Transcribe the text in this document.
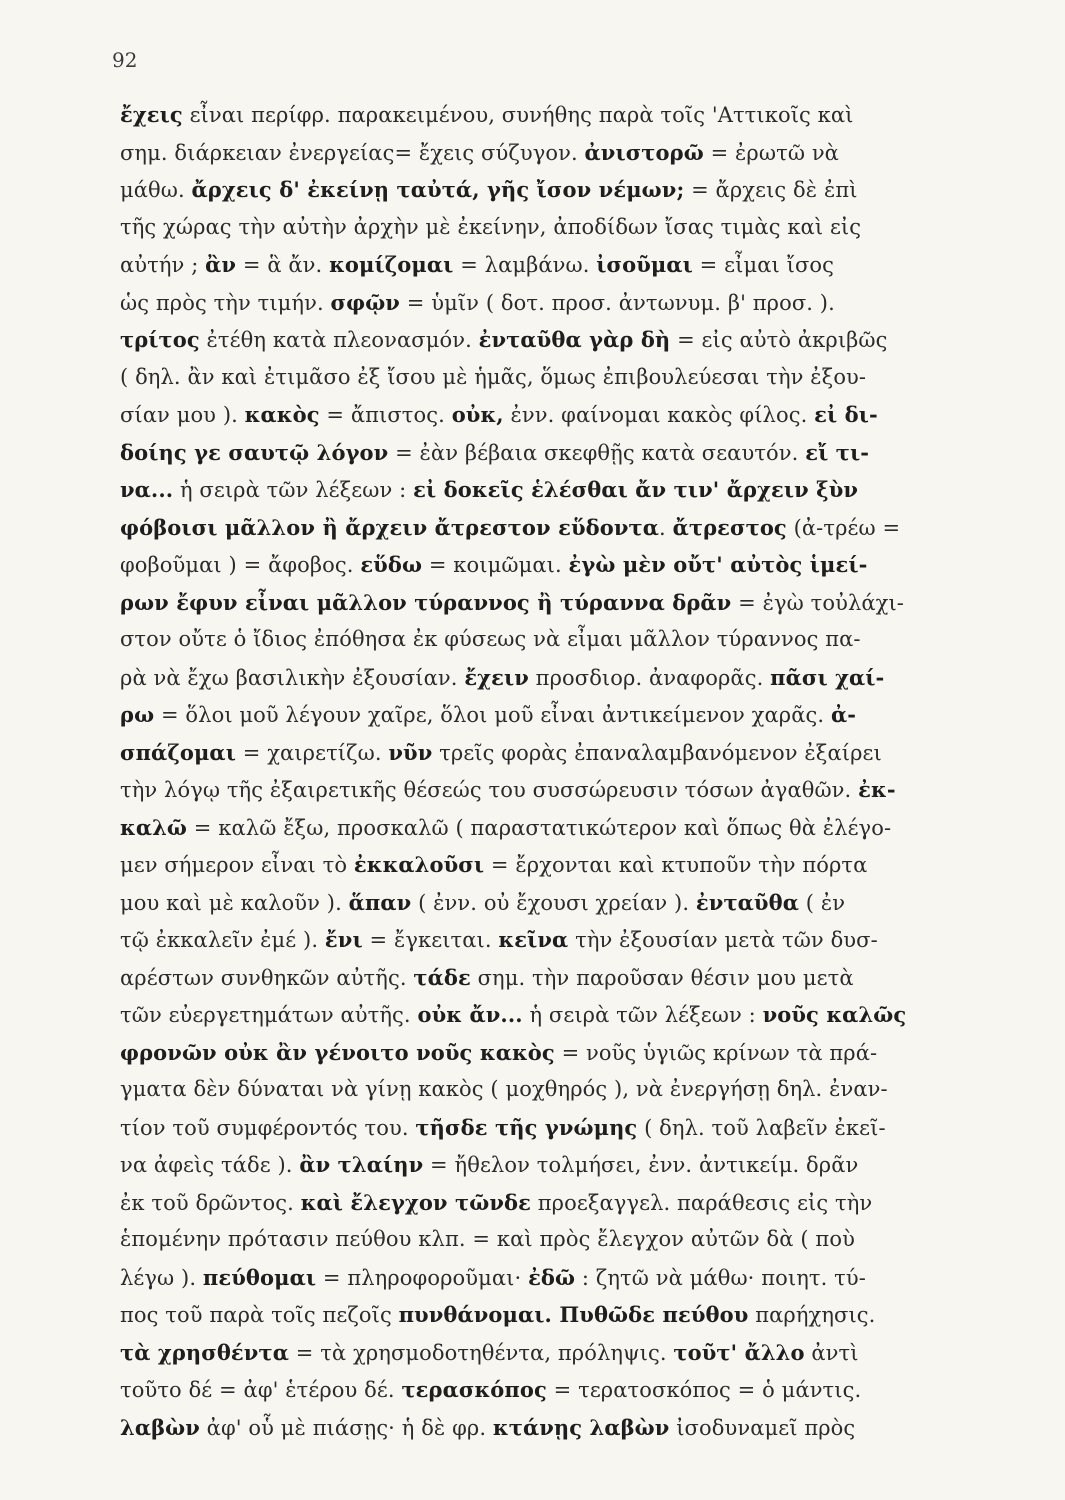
92
ἔχεις εἶναι περίφρ. παρακειμένου, συνήθης παρὰ τοῖς 'Αττικοῖς καὶ
σημ. διάρκειαν ἐνεργείας= ἔχεις σύζυγον. ἀνιστορῶ = ἐρωτῶ νὰ
μάθω. ἄρχεις δ' ἐκείνῃ ταὐτά, γῆς ἴσον νέμων; = ἄρχεις δὲ ἐπὶ
τῆς χώρας τὴν αὐτὴν ἀρχὴν μὲ ἐκείνην, ἀποδίδων ἴσας τιμὰς καὶ εἰς
αὐτήν ; ἂν = ἃ ἄν. κομίζομαι = λαμβάνω. ἰσοῦμαι = εἶμαι ἴσος
ὡς πρὸς τὴν τιμήν. σφῷν = ὑμῖν ( δοτ. προσ. ἀντωνυμ. β' προσ. ).
τρίτος ἐτέθη κατὰ πλεονασμόν. ἐνταῦθα γὰρ δὴ = εἰς αὐτὸ ἀκριβῶς
( δηλ. ἂν καὶ ἐτιμᾶσο ἐξ ἴσου μὲ ἡμᾶς, ὅμως ἐπιβουλεύεσαι τὴν ἐξου-
σίαν μου ). κακὸς = ἄπιστος. οὐκ, ἐνν. φαίνομαι κακὸς φίλος. εἰ δι-
δοίης γε σαυτῷ λόγον = ἐὰν βέβαια σκεφθῇς κατὰ σεαυτόν. εἴ τι-
να... ἡ σειρὰ τῶν λέξεων : εἰ δοκεῖς ἑλέσθαι ἄν τιν' ἄρχειν ξὺν
φόβοισι μᾶλλον ἢ ἄρχειν ἄτρεστον εὕδοντα. ἄτρεστος (ἀ-τρέω =
φοβοῦμαι ) = ἄφοβος. εὕδω = κοιμῶμαι. ἐγὼ μὲν οὔτ' αὐτὸς ἱμεί-
ρων ἔφυν εἶναι μᾶλλον τύραννος ἢ τύραννα δρᾶν = ἐγὼ τοὐλάχι-
στον οὔτε ὁ ἴδιος ἐπόθησα ἐκ φύσεως νὰ εἶμαι μᾶλλον τύραννος πα-
ρὰ νὰ ἔχω βασιλικὴν ἐξουσίαν. ἔχειν προσδιορ. ἀναφορᾶς. πᾶσι χαί-
ρω = ὅλοι μοῦ λέγουν χαῖρε, ὅλοι μοῦ εἶναι ἀντικείμενον χαρᾶς. ἀ-
σπάζομαι = χαιρετίζω. νῦν τρεῖς φορὰς ἐπαναλαμβανόμενον ἐξαίρει
τὴν λόγῳ τῆς ἐξαιρετικῆς θέσεώς του συσσώρευσιν τόσων ἀγαθῶν. ἐκ-
καλῶ = καλῶ ἔξω, προσκαλῶ ( παραστατικώτερον καὶ ὅπως θὰ ἐλέγο-
μεν σήμερον εἶναι τὸ ἐκκαλοῦσι = ἔρχονται καὶ κτυποῦν τὴν πόρτα
μου καὶ μὲ καλοῦν ). ἅπαν ( ἐνν. οὐ ἔχουσι χρείαν ). ἐνταῦθα ( ἐν
τῷ ἐκκαλεῖν ἐμέ ). ἔνι = ἔγκειται. κεῖνα τὴν ἐξουσίαν μετὰ τῶν δυσ-
αρέστων συνθηκῶν αὐτῆς. τάδε σημ. τὴν παροῦσαν θέσιν μου μετὰ
τῶν εὐεργετημάτων αὐτῆς. οὐκ ἄν... ἡ σειρὰ τῶν λέξεων : νοῦς καλῶς
φρονῶν οὐκ ἂν γένοιτο νοῦς κακὸς = νοῦς ὑγιῶς κρίνων τὰ πρά-
γματα δὲν δύναται νὰ γίνῃ κακὸς ( μοχθηρός ), νὰ ἐνεργήσῃ δηλ. ἐναν-
τίον τοῦ συμφέροντός του. τῆσδε τῆς γνώμης ( δηλ. τοῦ λαβεῖν ἐκεῖ-
να ἀφεὶς τάδε ). ἂν τλαίην = ἤθελον τολμήσει, ἐνν. ἀντικείμ. δρᾶν
ἐκ τοῦ δρῶντος. καὶ ἔλεγχον τῶνδε προεξαγγελ. παράθεσις εἰς τὴν
ἑπομένην πρότασιν πεύθου κλπ. = καὶ πρὸς ἔλεγχον αὐτῶν δὰ ( ποὺ
λέγω ). πεύθομαι = πληροφοροῦμαι· ἐδῶ : ζητῶ νὰ μάθω· ποιητ. τύ-
πος τοῦ παρὰ τοῖς πεζοῖς πυνθάνομαι. Πυθῶδε πεύθου παρήχησις.
τὰ χρησθέντα = τὰ χρησμοδοτηθέντα, πρόληψις. τοῦτ' ἄλλο ἀντὶ
τοῦτο δέ = ἀφ' ἑτέρου δέ. τερασκόπος = τερατοσκόπος = ὁ μάντις.
λαβὼν ἀφ' οὗ μὲ πιάσῃς· ἡ δὲ φρ. κτάνῃς λαβὼν ἰσοδυναμεῖ πρὸς
